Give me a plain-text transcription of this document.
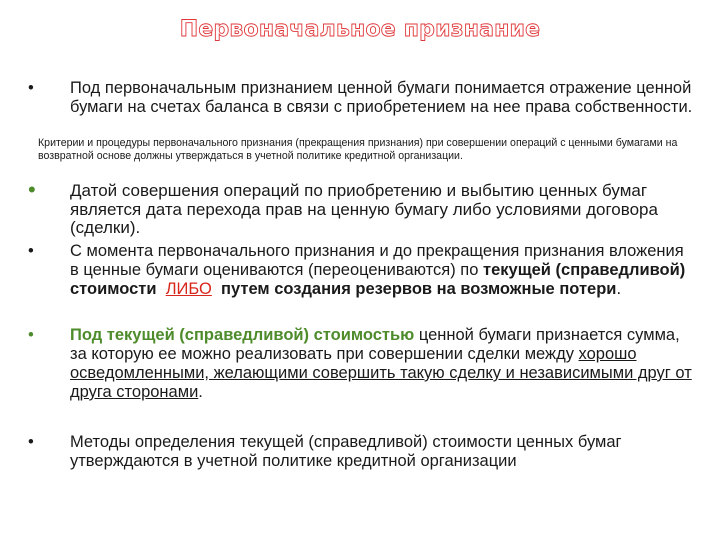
Первоначальное признание
• Под первоначальным признанием ценной бумаги понимается отражение ценной бумаги на счетах баланса в связи с приобретением на нее права собственности.
Критерии и процедуры первоначального признания (прекращения признания) при совершении операций с ценными бумагами на возвратной основе должны утверждаться в учетной политике кредитной организации.
• Датой совершения операций по приобретению и выбытию ценных бумаг является дата перехода прав на ценную бумагу либо условиями договора (сделки).
• С момента первоначального признания и до прекращения признания вложения в ценные бумаги оцениваются (переоцениваются) по текущей (справедливой) стоимости ЛИБО путем создания резервов на возможные потери.
• Под текущей (справедливой) стоимостью ценной бумаги признается сумма, за которую ее можно реализовать при совершении сделки между хорошо осведомленными, желающими совершить такую сделку и независимыми друг от друга сторонами.
• Методы определения текущей (справедливой) стоимости ценных бумаг утверждаются в учетной политике кредитной организации
